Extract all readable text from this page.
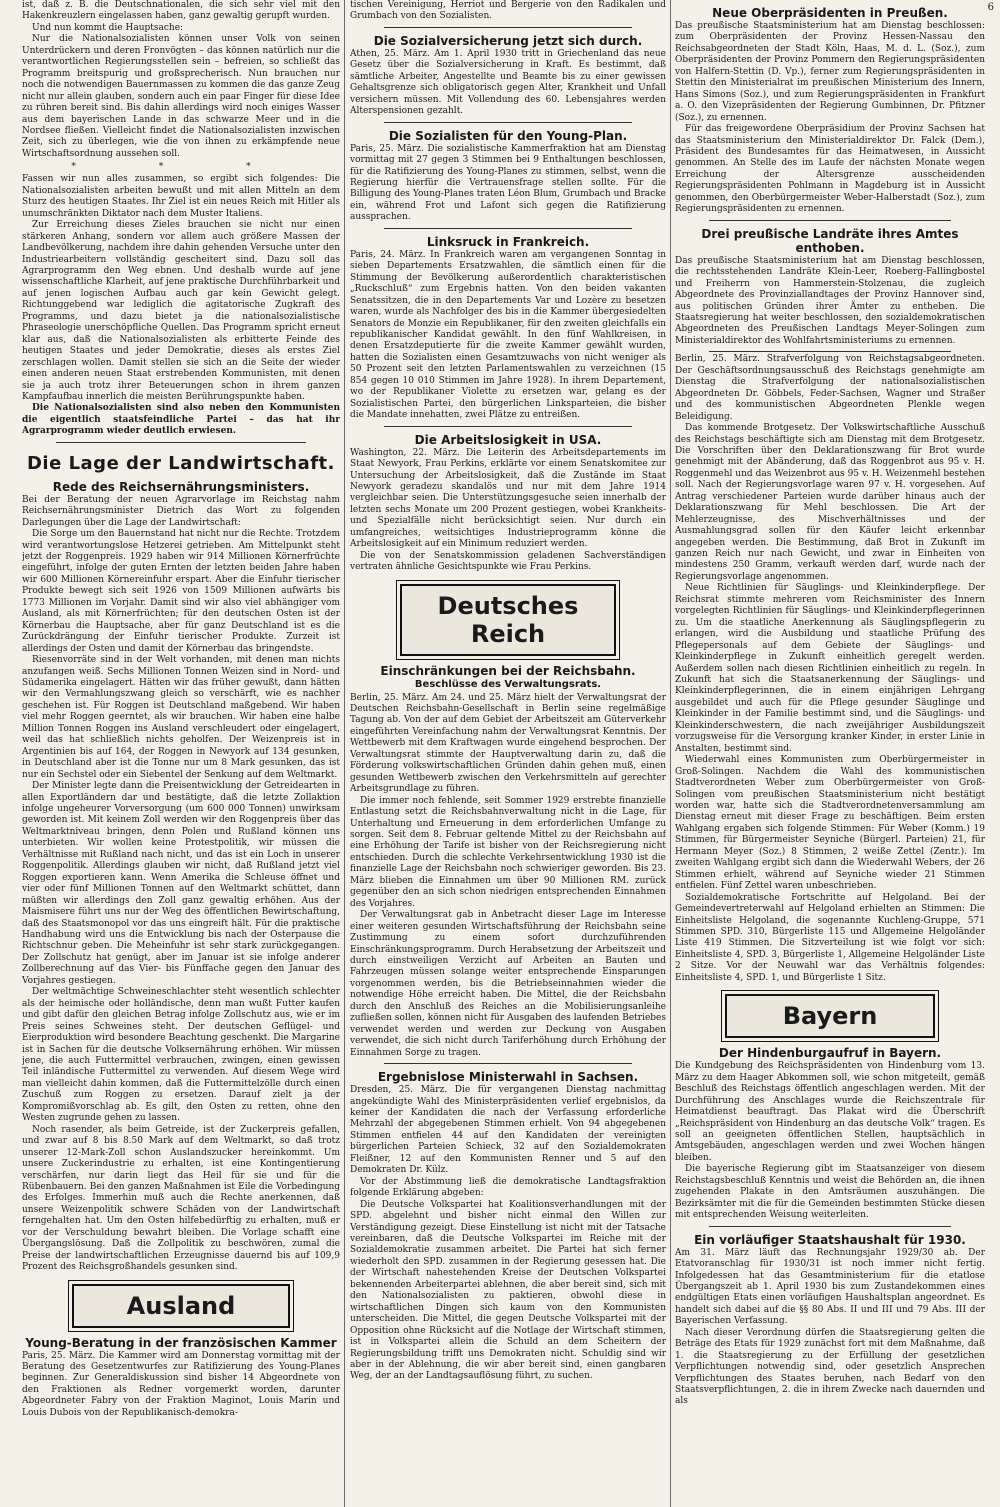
6

ist, daß z. B. die Deutschnationalen, die sich sehr viel mit den Hakenkreuzlern eingelassen haben, ganz gewaltig gerupft wurden.

Und nun kommt die Hauptsache:

Nur die Nationalsozialisten können unser Volk von seinen Unterdrückern und deren Fronvögten – das können natürlich nur die verantwortlichen Regierungsstellen sein – befreien, so schließt das Programm breitspurig und großsprecherisch. Nun brauchen nur noch die notwendigen Bauernmassen zu kommen die das ganze Zeug nicht nur allein glauben, sondern auch ein paar Finger für diese Idee zu rühren bereit sind. Bis dahin allerdings wird noch einiges Wasser aus dem bayerischen Lande in das schwarze Meer und in die Nordsee fließen. Vielleicht findet die Nationalsozialisten inzwischen Zeit, sich zu überlegen, wie die von ihnen zu erkämpfende neue Wirtschaftsordnung aussehen soll.

* * *

Fassen wir nun alles zusammen, so ergibt sich folgendes: Die Nationalsozialisten arbeiten bewußt und mit allen Mitteln an dem Sturz des heutigen Staates. Ihr Ziel ist ein neues Reich mit Hitler als unumschränkten Diktator nach dem Muster Italiens.

Zur Erreichung dieses Zieles brauchen sie nicht nur einen stärkeren Anhang, sondern vor allem auch größere Massen der Landbevölkerung, nachdem ihre dahin gehenden Versuche unter den Industriearbeitern vollständig gescheitert sind. Dazu soll das Agrarprogramm den Weg ebnen. Und deshalb wurde auf jene wissenschaftliche Klarheit, auf jene praktische Durchführbarkeit und auf jenen logischen Aufbau auch gar kein Gewicht gelegt. Richtunggebend war lediglich die agitatorische Zugkraft des Programms, und dazu bietet ja die nationalsozialistische Phraseologie unerschöpfliche Quellen. Das Programm spricht erneut klar aus, daß die Nationalsozialisten als erbitterte Feinde des heutigen Staates und jeder Demokratie, dieses als erstes Ziel zerschlagen wollen. Damit stellen sie sich an die Seite der wieder einen anderen neuen Staat erstrebenden Kommunisten, mit denen sie ja auch trotz ihrer Beteuerungen schon in ihrem ganzen Kampfaufbau innerlich die meisten Berührungspunkte haben.

Die Nationalsozialisten sind also neben den Kommunisten die eigentlich staatsfeindliche Partei – das hat ihr Agrarprogramm wieder deutlich erwiesen.

Die Lage der Landwirtschaft.
Rede des Reichsernährungsministers.

Bei der Beratung der neuen Agrarvorlage im Reichstag nahm Reichsernährungsminister Dietrich das Wort zu folgenden Darlegungen über die Lage der Landwirtschaft:

Die Sorge um den Bauernstand hat nicht nur die Rechte. Trotzdem wird verantwortungslose Hetzerei getrieben. Am Mittelpunkt steht jetzt der Roggenpreis. 1929 haben wir 914 Millionen Körnerfrüchte eingeführt, infolge der guten Ernten der letzten beiden Jahre haben wir 600 Millionen Körnereinfuhr erspart. Aber die Einfuhr tierischer Produkte bewegt sich seit 1926 von 1509 Millionen aufwärts bis 1773 Millionen im Vorjahr. Damit sind wir also viel abhängiger vom Ausland, als mit Körnerfrüchten; für den deutschen Osten ist der Körnerbau die Hauptsache, aber für ganz Deutschland ist es die Zurückdrängung der Einfuhr tierischer Produkte. Zurzeit ist allerdings der Osten und damit der Körnerbau das bringendste.

Riesenvorräte sind in der Welt vorhanden, mit denen man nichts anzufangen weiß. Sechs Millionen Tonnen Weizen sind in Nord- und Südamerika eingelagert. Hätten wir das früher gewußt, dann hätten wir den Vermahlungszwang gleich so verschärft, wie es nachher geschehen ist. Für Roggen ist Deutschland maßgebend. Wir haben viel mehr Roggen geerntet, als wir brauchen. Wir haben eine halbe Million Tonnen Roggen ins Ausland verschleudert oder eingelagert, weil das hat schließlich nichts geholfen. Der Weizenpreis ist in Argentinien bis auf 164, der Roggen in Newyork auf 134 gesunken, in Deutschland aber ist die Tonne nur um 8 Mark gesunken, das ist nur ein Sechstel oder ein Siebentel der Senkung auf dem Weltmarkt.

Der Minister legte dann die Preisentwicklung der Getreidearten in allen Exportländern dar und bestätigte, daß die letzte Zollaktion infolge ungeheurer Vorversorgung (um 600 000 Tonnen) unwirksam geworden ist. Mit keinem Zoll werden wir den Roggenpreis über das Weltmarktniveau bringen, denn Polen und Rußland können uns unterbieten. Wir wollen keine Protestpolitik, wir müssen die Verhältnisse mit Rußland nach nicht, und das ist ein Loch in unserer Roggenpolitik. Allerdings glauben wir nicht, daß Rußland jetzt viel Roggen exportieren kann. Wenn Amerika die Schleuse öffnet und vier oder fünf Millionen Tonnen auf den Weltmarkt schüttet, dann müßten wir allerdings den Zoll ganz gewaltig erhöhen. Aus der Maismisere führt uns nur der Weg des öffentlichen Bewirtschaftung, daß des Staatsmonopol vor das uns eingreift hält. Für die praktische Handhabung wird uns die Entwicklung bis nach der Osterpause die Richtschnur geben. Die Meheinfuhr ist sehr stark zurückgegangen. Der Zollschutz hat genügt, aber im Januar ist sie infolge anderer Zollberechnung auf das Vier- bis Fünffache gegen den Januar des Vorjahres gestiegen.

Der weltmächtige Schweineschlachter steht wesentlich schlechter als der heimische oder holländische, denn man wußt Futter kaufen und gibt dafür den gleichen Betrag infolge Zollschutz aus, wie er im Preis seines Schweines steht. Der deutschen Geflügel- und Eierproduktion wird besondere Beachtung geschenkt. Die Margarine ist in Sachen für die deutsche Volksernährung erhöhen. Wir müssen jene, die auch Futtermittel verbrauchen, zwingen, einen gewissen Teil inländische Futtermittel zu verwenden. Auf diesem Wege wird man vielleicht dahin kommen, daß die Futtermittelzölle durch einen Zuschuß zum Roggen zu ersetzen. Darauf zielt ja der Kompromißvorschlag ab. Es gilt, den Osten zu retten, ohne den Westen zugrunde gehen zu lassen.

Noch rasender, als beim Getreide, ist der Zuckerpreis gefallen, und zwar auf 8 bis 8.50 Mark auf dem Weltmarkt, so daß trotz unserer 12-Mark-Zoll schon Auslandszucker hereinkommt. Um unsere Zuckerindustrie zu erhalten, ist eine Kontingentierung verschärfen, nur darin liegt das Heil für sie und für die Rübenbauern. Bei den ganzen Maßnahmen ist Eile die Vorbedingung des Erfolges. Immerhin muß auch die Rechte anerkennen, daß unsere Weizenpolitik schwere Schäden von der Landwirtschaft ferngehalten hat. Um den Osten hilfebedürftig zu erhalten, muß er vor der Verschuldung bewahrt bleiben. Die Vorlage schafft eine Übergangslösung. Daß die Zollpolitik zu beschwören, zumal die Preise der landwirtschaftlichen Erzeugnisse dauernd bis auf 109,9 Prozent des Reichsgroßhandels gesunken sind.

Ausland
Young-Beratung in der französischen Kammer

Paris, 25. März. Die Kammer wird am Donnerstag vormittag mit der Beratung des Gesetzentwurfes zur Ratifizierung des Young-Planes beginnen. Zur Generaldiskussion sind bisher 14 Abgeordnete von den Fraktionen als Redner vorgemerkt worden, darunter Abgeordneter Fabry von der Fraktion Maginot, Louis Marin und Louis Dubois von der Republikanisch-demokra-

tischen Vereinigung, Herriot und Bergerie von den Radikalen und Grumbach von den Sozialisten.

Die Sozialversicherung jetzt sich durch.

Athen, 25. März. Am 1. April 1930 tritt in Griechenland das neue Gesetz über die Sozialversicherung in Kraft. Es bestimmt, daß sämtliche Arbeiter, Angestellte und Beamte bis zu einer gewissen Gehaltsgrenze sich obligatorisch gegen Alter, Krankheit und Unfall versichern müssen. Mit Vollendung des 60. Lebensjahres werden Alterspensionen gezahlt.

Die Sozialisten für den Young-Plan.

Paris, 25. März. Die sozialistische Kammerfraktion hat am Dienstag vormittag mit 27 gegen 3 Stimmen bei 9 Enthaltungen beschlossen, für die Ratifizierung des Young-Planes zu stimmen, selbst, wenn die Regierung hierfür die Vertrauensfrage stellen sollte. Für die Billigung des Young-Planes traten Léon Blum, Grumbach und Bracke ein, während Frot und Lafont sich gegen die Ratifizierung aussprachen.

Linksruck in Frankreich.

Paris, 24. März. In Frankreich waren am vergangenen Sonntag in sieben Departements Ersatzwahlen, die sämtlich einen für die Stimmung der Bevölkerung außerordentlich charakteristischen „Ruckschluß“ zum Ergebnis hatten. Von den beiden vakanten Senatssitzen, die in den Departements Var und Lozère zu besetzen waren, wurde als Nachfolger des bis in die Kammer übergesiedelten Senators de Monzie ein Republikaner, für den zweiten gleichfalls ein republikanischer Kandidat gewählt. In den fünf Wahlkreisen, in denen Ersatzdeputierte für die zweite Kammer gewählt wurden, hatten die Sozialisten einen Gesamtzuwachs von nicht weniger als 50 Prozent seit den letzten Parlamentswahlen zu verzeichnen (15 854 gegen 10 010 Stimmen im Jahre 1928). In ihrem Departement, wo der Republikaner Violette zu ersetzen war, gelang es der Sozialistischen Partei, den bürgerlichen Linksparteien, die bisher die Mandate innehatten, zwei Plätze zu entreißen.

Die Arbeitslosigkeit in USA.

Washington, 22. März. Die Leiterin des Arbeitsdepartements im Staat Newyork, Frau Perkins, erklärte vor einem Senatskomitee zur Untersuchung der Arbeitslosigkeit, daß die Zustände im Staat Newyork geradezu skandalös und nur mit dem Jahre 1914 vergleichbar seien. Die Unterstützungsgesuche seien innerhalb der letzten sechs Monate um 200 Prozent gestiegen, wobei Krankheits- und Spezialfälle nicht berücksichtigt seien. Nur durch ein umfangreiches, weitsichtiges Industrieprogramm könne die Arbeitslosigkeit auf ein Minimum reduziert werden.

Die von der Senatskommission geladenen Sachverständigen vertraten ähnliche Gesichtspunkte wie Frau Perkins.

Deutsches Reich
Einschränkungen bei der Reichsbahn.
Beschlüsse des Verwaltungsrats.

Berlin, 25. März. Am 24. und 25. März hielt der Verwaltungsrat der Deutschen Reichsbahn-Gesellschaft in Berlin seine regelmäßige Tagung ab. Von der auf dem Gebiet der Arbeitszeit am Güterverkehr eingeführten Vereinfachung nahm der Verwaltungsrat Kenntnis. Der Wettbewerb mit dem Kraftwagen wurde eingehend besprochen. Der Verwaltungsrat stimmte der Hauptverwaltung darin zu, daß die Förderung volkswirtschaftlichen Gründen dahin gehen muß, einen gesunden Wettbewerb zwischen den Verkehrsmitteln auf gerechter Arbeitsgrundlage zu führen.

Die immer noch fehlende, seit Sommer 1929 erstrebte finanzielle Entlastung setzt die Reichsbahnverwaltung nicht in die Lage, für Unterhaltung und Erneuerung in dem erforderlichen Umfange zu sorgen. Seit dem 8. Februar geltende Mittel zu der Reichsbahn auf eine Erhöhung der Tarife ist bisher von der Reichsregierung nicht entschieden. Durch die schlechte Verkehrsentwicklung 1930 ist die finanzielle Lage der Reichsbahn noch schwieriger geworden. Bis 23. März blieben die Einnahmen um über 90 Millionen RM. zurück gegenüber den an sich schon niedrigen entsprechenden Einnahmen des Vorjahres.

Der Verwaltungsrat gab in Anbetracht dieser Lage im Interesse einer weiteren gesunden Wirtschaftsführung der Reichsbahn seine Zustimmung zu einem sofort durchzuführenden Einschränkungsprogramm. Durch Herabsetzung der Arbeitszeit und durch einstweiligen Verzicht auf Arbeiten an Bauten und Fahrzeugen müssen solange weiter entsprechende Einsparungen vorgenommen werden, bis die Betriebseinnahmen wieder die notwendige Höhe erreicht haben. Die Mittel, die der Reichsbahn durch den Anschluß des Reiches an die Mobilisierungsanleihe zufließen sollen, können nicht für Ausgaben des laufenden Betriebes verwendet werden und werden zur Deckung von Ausgaben verwendet, die sich nicht durch Tariferhöhung durch Erhöhung der Einnahmen Sorge zu tragen.

Ergebnislose Ministerwahl in Sachsen.

Dresden, 25. März. Die für vergangenen Dienstag nachmittag angekündigte Wahl des Ministerpräsidenten verlief ergebnislos, da keiner der Kandidaten die nach der Verfassung erforderliche Mehrzahl der abgegebenen Stimmen erhielt. Von 94 abgegebenen Stimmen entfielen 44 auf den Kandidaten der vereinigten bürgerlichen Parteien Schieck, 32 auf den Sozialdemokraten Fleißner, 12 auf den Kommunisten Renner und 5 auf den Demokraten Dr. Külz.

Vor der Abstimmung ließ die demokratische Landtagsfraktion folgende Erklärung abgeben:

Die Deutsche Volkspartei hat Koalitionsverhandlungen mit der SPD. abgelehnt und bisher nicht einmal den Willen zur Verständigung gezeigt. Diese Einstellung ist nicht mit der Tatsache vereinbaren, daß die Deutsche Volkspartei im Reiche mit der Sozialdemokratie zusammen arbeitet. Die Partei hat sich ferner wiederholt den SPD. zusammen in der Regierung gesessen hat. Die der Wirtschaft nahestehenden Kreise der Deutschen Volkspartei bekennenden Arbeiterpartei ablehnen, die aber bereit sind, sich mit den Nationalsozialisten zu paktieren, obwohl diese in wirtschaftlichen Dingen sich kaum von den Kommunisten unterscheiden. Die Mittel, die gegen Deutsche Volkspartei mit der Opposition ohne Rücksicht auf die Notlage der Wirtschaft stimmen, ist in Volkspartei allein die Schuld an dem Scheitern der Regierungsbildung trifft uns Demokraten nicht. Schuldig sind wir aber in der Ablehnung, die wir aber bereit sind, einen gangbaren Weg, der an der Landtagsauflösung führt, zu suchen.

Neue Oberpräsidenten in Preußen.

Das preußische Staatsministerium hat am Dienstag beschlossen: zum Oberpräsidenten der Provinz Hessen-Nassau den Reichsabgeordneten der Stadt Köln, Haas, M. d. L. (Soz.), zum Oberpräsidenten der Provinz Pommern den Regierungspräsidenten von Halfern-Stettin (D. Vp.), ferner zum Regierungspräsidenten in Stettin den Ministerialrat im preußischen Ministerium des Innern, Hans Simons (Soz.), und zum Regierungspräsidenten in Frankfurt a. O. den Vizepräsidenten der Regierung Gumbinnen, Dr. Pfitzner (Soz.), zu ernennen.

Für das freigewordene Oberpräsidium der Provinz Sachsen hat das Staatsministerium den Ministerialdirektor Dr. Falck (Dem.), Präsident des Bundesamtes für das Heimatwesen, in Aussicht genommen. An Stelle des im Laufe der nächsten Monate wegen Erreichung der Altersgrenze ausscheidenden Regierungspräsidenten Pohlmann in Magdeburg ist in Aussicht genommen, den Oberbürgermeister Weber-Halberstadt (Soz.), zum Regierungspräsidenten zu ernennen.

Drei preußische Landräte ihres Amtes enthoben.

Das preußische Staatsministerium hat am Dienstag beschlossen, die rechtsstehenden Landräte Klein-Leer, Roeberg-Fallingbostel und Freiherrn von Hammerstein-Stolzenau, die zugleich Abgeordnete des Provinziallandtages der Provinz Hannover sind, aus politischen Gründen ihrer Ämter zu entheben. Die Staatsregierung hat weiter beschlossen, den sozialdemokratischen Abgeordneten des Preußischen Landtags Meyer-Solingen zum Ministerialdirektor des Wohlfahrtsministeriums zu ernennen.

Berlin, 25. März. Strafverfolgung von Reichstagsabgeordneten. Der Geschäftsordnungsausschuß des Reichstags genehmigte am Dienstag die Strafverfolgung der nationalsozialistischen Abgeordneten Dr. Göbbels, Feder-Sachsen, Wagner und Straßer und des kommunistischen Abgeordneten Plenkle wegen Beleidigung.

Das kommende Brotgesetz. Der Volkswirtschaftliche Ausschuß des Reichstags beschäftigte sich am Dienstag mit dem Brotgesetz. Die Vorschriften über den Deklarationszwang für Brot wurde genehmigt mit der Abänderung, daß das Roggenbrot aus 95 v. H. Roggenmehl und das Weizenbrot aus 95 v. H. Weizenmehl bestehen soll. Nach der Regierungsvorlage waren 97 v. H. vorgesehen. Auf Antrag verschiedener Parteien wurde darüber hinaus auch der Deklarationszwang für Mehl beschlossen. Die Art der Mehlerzeugnisse, des Mischverhältnisses und der Ausmahlungsgrad sollen für den Käufer leicht erkennbar angegeben werden. Die Bestimmung, daß Brot in Zukunft im ganzen Reich nur nach Gewicht, und zwar in Einheiten von mindestens 250 Gramm, verkauft werden darf, wurde nach der Regierungsvorlage angenommen.

Neue Richtlinien für Säuglings- und Kleinkinderpflege. Der Reichsrat stimmte mehreren vom Reichsminister des Innern vorgelegten Richtlinien für Säuglings- und Kleinkinderpflegerinnen zu. Um die staatliche Anerkennung als Säuglingspflegerin zu erlangen, wird die Ausbildung und staatliche Prüfung des Pflegepersonals auf dem Gebiete der Säuglings- und Kleinkinderpflege in Zukunft einheitlich geregelt werden. Außerdem sollen nach diesen Richtlinien einheitlich zu regeln. In Zukunft hat sich die Staatsanerkennung der Säuglings- und Kleinkinderpflegerinnen, die in einem einjährigen Lehrgang ausgebildet und auch für die Pflege gesunder Säuglinge und Kleinkinder in der Familie bestimmt sind, und die Säuglings- und Kleinkinderschwestern, die nach zweijähriger Ausbildungszeit vorzugsweise für die Versorgung kranker Kinder, in erster Linie in Anstalten, bestimmt sind.

Wiederwahl eines Kommunisten zum Oberbürgermeister in Groß-Solingen. Nachdem die Wahl des kommunistischen Stadtverordneten Weber zum Oberbürgermeister von Groß-Solingen vom preußischen Staatsministerium nicht bestätigt worden war, hatte sich die Stadtverordnetenversammlung am Dienstag erneut mit dieser Frage zu beschäftigen. Beim ersten Wahlgang ergaben sich folgende Stimmen: Für Weber (Komm.) 19 Stimmen, für Bürgermeister Seyniche (Bürgerl. Parteien) 21, für Hermann Meyer (Soz.) 8 Stimmen, 2 weiße Zettel (Zentr.). Im zweiten Wahlgang ergibt sich dann die Wiederwahl Webers, der 26 Stimmen erhielt, während auf Seyniche wieder 21 Stimmen entfielen. Fünf Zettel waren unbeschrieben.

Sozialdemokratische Fortschritte auf Helgoland. Bei der Gemeindevertreterwahl auf Helgoland erhielten an Stimmen: Die Einheitsliste Helgoland, die sogenannte Kuchleng-Gruppe, 571 Stimmen SPD. 310, Bürgerliste 115 und Allgemeine Helgoländer Liste 419 Stimmen. Die Sitzverteilung ist wie folgt vor sich: Einheitsliste 4, SPD. 3, Bürgerliste 1, Allgemeine Helgoländer Liste 2 Sitze. Vor der Neuwahl war das Verhältnis folgendes: Einheitsliste 4, SPD. 1, und Bürgerliste 1 Sitz.

Bayern
Der Hindenburgaufruf in Bayern.

Die Kundgebung des Reichspräsidenten von Hindenburg vom 13. März zu dem Haager Abkommen soll, wie schon mitgeteilt, gemäß Beschluß des Reichstags öffentlich angeschlagen werden. Mit der Durchführung des Anschlages wurde die Reichszentrale für Heimatdienst beauftragt. Das Plakat wird die Überschrift „Reichspräsident von Hindenburg an das deutsche Volk“ tragen. Es soll an geeigneten öffentlichen Stellen, hauptsächlich in Amtsgebäuden, angeschlagen werden und zwei Wochen hängen bleiben.

Die bayerische Regierung gibt im Staatsanzeiger von diesem Reichstagsbeschluß Kenntnis und weist die Behörden an, die ihnen zugehenden Plakate in den Amtsräumen auszuhängen. Die Bezirksämter mit die für die Gemeinden bestimmten Stücke diesen mit entsprechenden Weisung weiterleiten.

Ein vorläufiger Staatshaushalt für 1930.

Am 31. März läuft das Rechnungsjahr 1929/30 ab. Der Etatvoranschlag für 1930/31 ist noch immer nicht fertig. Infolgedessen hat das Gesamtministerium für die etatlose Übergangszeit ab 1. April 1930 bis zum Zustandekommen eines endgültigen Etats einen vorläufigen Haushaltsplan angeordnet. Es handelt sich dabei auf die §§ 80 Abs. II und III und 79 Abs. III der Bayerischen Verfassung.

Nach dieser Verordnung dürfen die Staatsregierung gelten die Beträge des Etats für 1929 zunächst fort mit dem Maßnahme, daß 1. die Staatsregierung zu der Erfüllung der gesetzlichen Verpflichtungen notwendig sind, oder gesetzlich Ansprechen Verpflichtungen des Staates beruhen, nach Bedarf von den Staatsverpflichtungen, 2. die in ihrem Zwecke nach dauernden und als
